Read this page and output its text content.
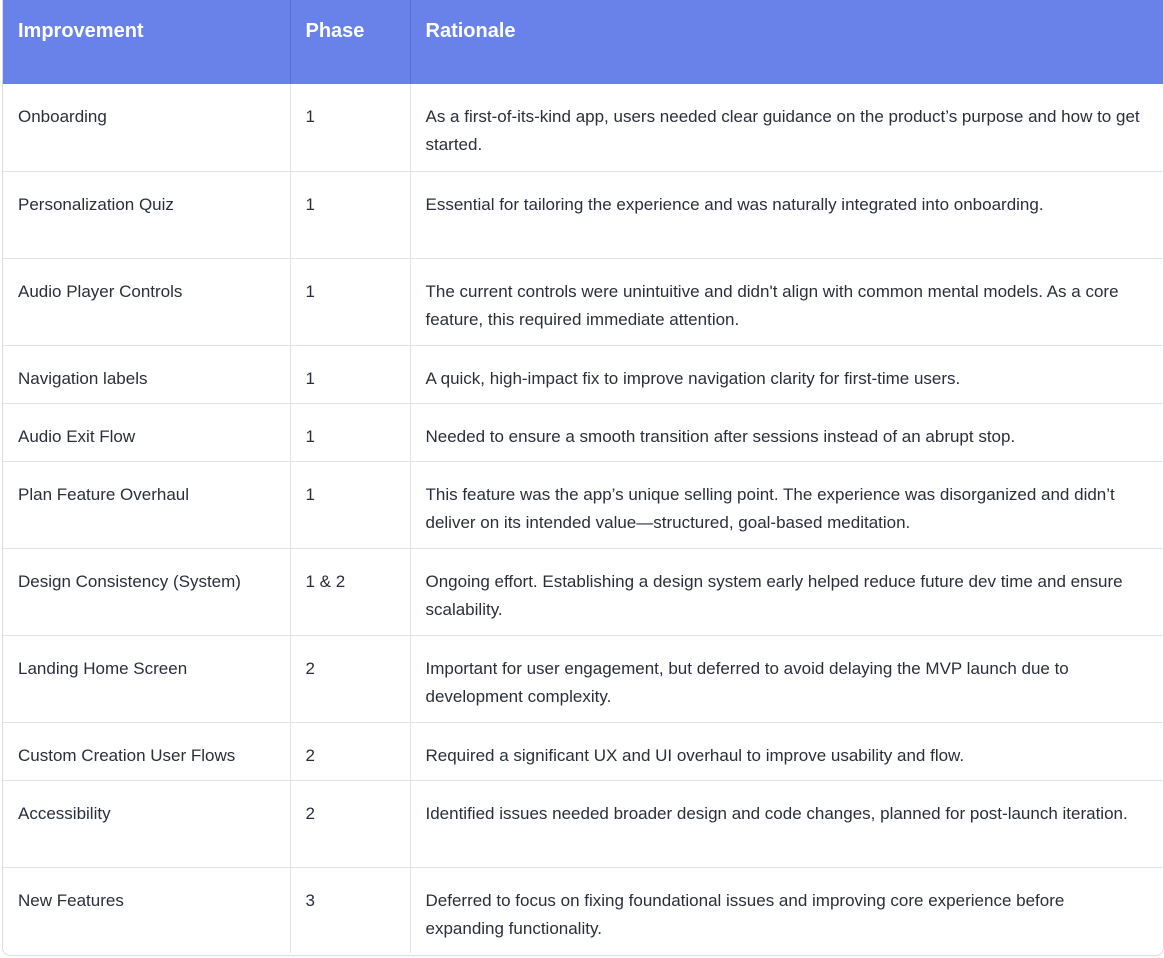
Improvement	Phase	Rationale
Onboarding	1	As a first-of-its-kind app, users needed clear guidance on the product’s purpose and how to get started.
Personalization Quiz	1	Essential for tailoring the experience and was naturally integrated into onboarding.
Audio Player Controls	1	The current controls were unintuitive and didn't align with common mental models. As a core feature, this required immediate attention.
Navigation labels	1	A quick, high-impact fix to improve navigation clarity for first-time users.
Audio Exit Flow	1	Needed to ensure a smooth transition after sessions instead of an abrupt stop.
Plan Feature Overhaul	1	This feature was the app’s unique selling point. The experience was disorganized and didn’t deliver on its intended value—structured, goal-based meditation.
Design Consistency (System)	1 & 2	Ongoing effort. Establishing a design system early helped reduce future dev time and ensure scalability.
Landing Home Screen	2	Important for user engagement, but deferred to avoid delaying the MVP launch due to development complexity.
Custom Creation User Flows	2	Required a significant UX and UI overhaul to improve usability and flow.
Accessibility	2	Identified issues needed broader design and code changes, planned for post-launch iteration.
New Features	3	Deferred to focus on fixing foundational issues and improving core experience before expanding functionality.
